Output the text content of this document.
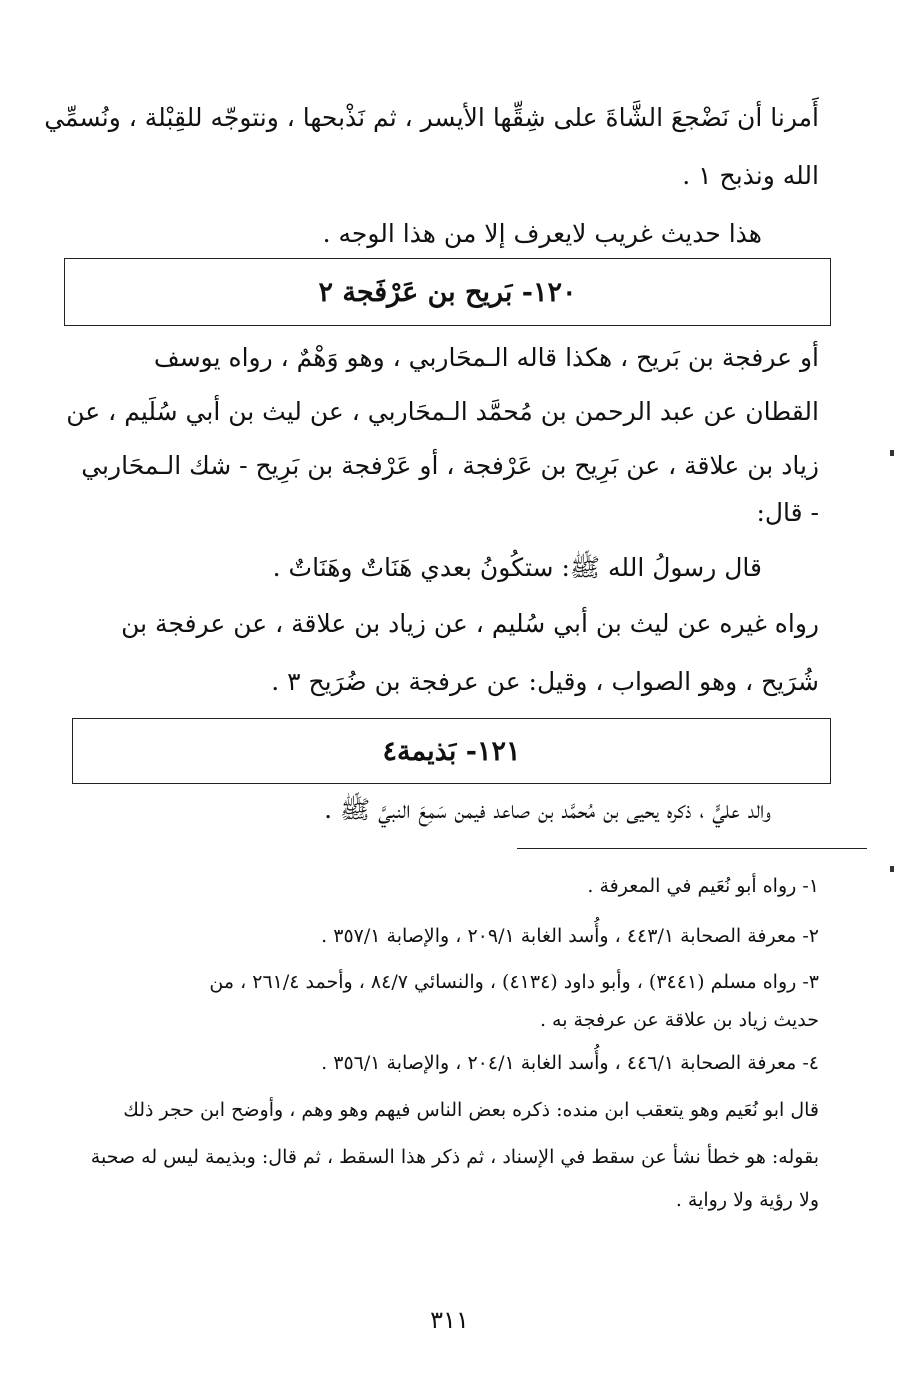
أَمرنا أن نَضْجعَ الشَّاةَ على شِقِّها الأيسر ، ثم نَذْبحها ، ونتوجّه للقِبْلة ، ونُسمِّي
الله ونذبح ١ .
هذا حديث غريب لايعرف إلا من هذا الوجه .
١٢٠- بَريح بن عَرْفَجة ٢
أو عرفجة بن بَريح ، هكذا قاله الـمحَاربي ، وهو وَهْمٌ ، رواه يوسف
القطان عن عبد الرحمن بن مُحمَّد الـمحَاربي ، عن ليث بن أبي سُلَيم ، عن
زياد بن علاقة ، عن بَرِيح بن عَرْفجة ، أو عَرْفجة بن بَرِيح - شك الـمحَاربي
- قال:
قال رسولُ الله ﷺ: ستكُونُ بعدي هَنَاتٌ وهَنَاتٌ .
رواه غيره عن ليث بن أبي سُليم ، عن زياد بن علاقة ، عن عرفجة بن
شُرَيح ، وهو الصواب ، وقيل: عن عرفجة بن ضُرَيح ٣ .
١٢١- بَذيمة٤
والد عليٍّ ، ذكره يحيى بن مُحمَّد بن صاعد فيمن سَمِعَ النبيَّ ﷺ .
١- رواه أبو نُعَيم في المعرفة .
٢- معرفة الصحابة ٤٤٣/١ ، وأُسد الغابة ٢٠٩/١ ، والإصابة ٣٥٧/١ .
٣- رواه مسلم (٣٤٤١) ، وأبو داود (٤١٣٤) ، والنسائي ٨٤/٧ ، وأحمد ٢٦١/٤ ، من
حديث زياد بن علاقة عن عرفجة به .
٤- معرفة الصحابة ٤٤٦/١ ، وأُسد الغابة ٢٠٤/١ ، والإصابة ٣٥٦/١ .
قال ابو نُعَيم وهو يتعقب ابن منده: ذكره بعض الناس فيهم وهو وهم ، وأوضح ابن حجر ذلك
بقوله: هو خطأ نشأ عن سقط في الإسناد ، ثم ذكر هذا السقط ، ثم قال: وبذيمة ليس له صحبة
ولا رؤية ولا رواية .
٣١١
